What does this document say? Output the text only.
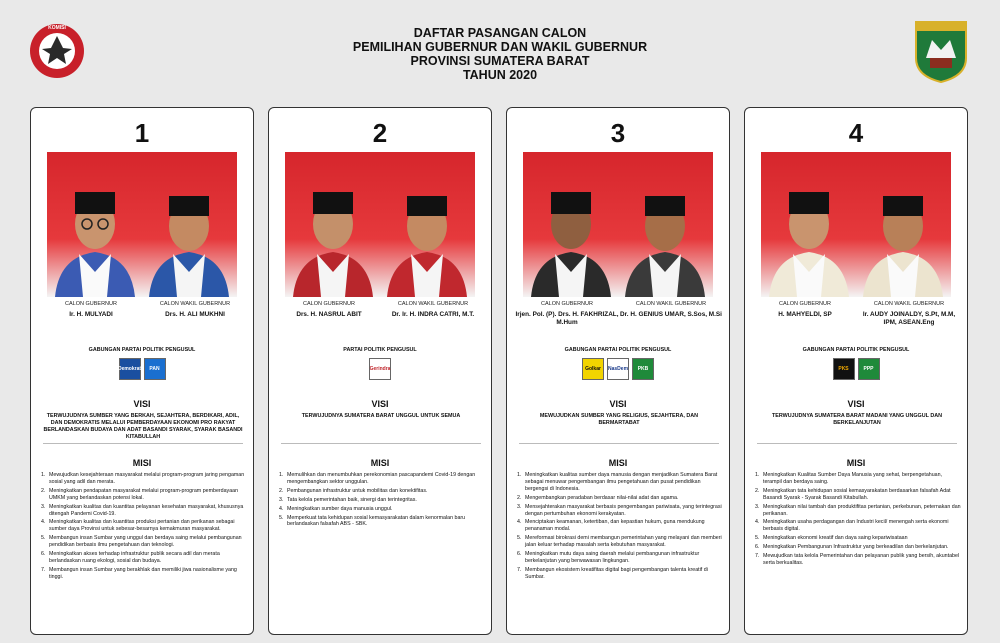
KOMISI	DAFTAR PASANGAN CALON
PEMILIHAN GUBERNUR DAN WAKIL GUBERNUR
PROVINSI SUMATERA BARAT
TAHUN 2020
1
CALON GUBERNUR
Ir. H. MULYADI
CALON WAKIL GUBERNUR
Drs. H. ALI MUKHNI
GABUNGAN PARTAI POLITIK PENGUSUL
Demokrat	PAN
VISI
TERWUJUDNYA SUMBER YANG BERKAH, SEJAHTERA, BERDIKARI, ADIL, DAN DEMOKRATIS MELALUI PEMBERDAYAAN EKONOMI PRO RAKYAT BERLANDASKAN BUDAYA DAN ADAT BASANDI SYARAK, SYARAK BASANDI KITABULLAH
MISI
1. Mewujudkan kesejahteraan masyarakat melalui program-program jaring pengaman sosial yang adil dan merata.
2. Meningkatkan pendapatan masyarakat melalui program-program pemberdayaan UMKM yang berlandaskan potensi lokal.
3. Meningkatkan kualitas dan kuantitas pelayanan kesehatan masyarakat, khususnya ditengah Pandemi Covid-19.
4. Meningkatkan kualitas dan kuantitas produksi pertanian dan perikanan sebagai sumber daya Provinsi untuk sebesar-besarnya kemakmuran masyarakat.
5. Membangun insan Sumbar yang unggul dan berdaya saing melalui pembangunan pendidikan berbasis ilmu pengetahuan dan teknologi.
6. Meningkatkan akses terhadap infrastruktur publik secara adil dan merata berlandaskan ruang ekologi, sosial dan budaya.
7. Membangun insan Sumbar yang berakhlak dan memiliki jiwa nasionalisme yang tinggi.
2
CALON GUBERNUR
Drs. H. NASRUL ABIT
CALON WAKIL GUBERNUR
Dr. Ir. H. INDRA CATRI, M.T.
PARTAI POLITIK PENGUSUL
Gerindra
VISI
TERWUJUDNYA SUMATERA BARAT UNGGUL UNTUK SEMUA
MISI
1. Memulihkan dan menumbuhkan perekonomian pascapandemi Covid-19 dengan mengembangkan sektor unggulan.
2. Pembangunan infrastruktur untuk mobilitas dan konektifitas.
3. Tata kelola pemerintahan baik, sinergi dan terintegritas.
4. Meningkatkan sumber daya manusia unggul.
5. Memperkuat tata kehidupan sosial kemasyarakatan dalam kenormalan baru berlandaskan falsafah ABS - SBK.
3
CALON GUBERNUR
Irjen. Pol. (P). Drs. H. FAKHRIZAL, M.Hum
CALON WAKIL GUBERNUR
Dr. H. GENIUS UMAR, S.Sos, M.Si
GABUNGAN PARTAI POLITIK PENGUSUL
Golkar	NasDem	PKB
VISI
MEWUJUDKAN SUMBER YANG RELIGIUS, SEJAHTERA, DAN BERMARTABAT
MISI
1. Meningkatkan kualitas sumber daya manusia dengan menjadikan Sumatera Barat sebagai menuwar pengembangan ilmu pengetahuan dan pusat pendidikan bergengsi di Indonesia.
2. Mengembangkan peradaban berdasar nilai-nilai adat dan agama.
3. Mensejahterakan masyarakat berbasis pengembangan pariwisata, yang terintegrasi dengan pertumbuhan ekonomi kerakyatan.
4. Menciptakan keamanan, ketertiban, dan kepastian hukum, guna mendukung penanaman modal.
5. Mereformasi birokrasi demi membangun pemerintahan yang melayani dan memberi jalan keluar terhadap masalah serta kebutuhan masyarakat.
6. Meningkatkan mutu daya saing daerah melalui pembangunan infrastruktur berkelanjutan yang berwawasan lingkungan.
7. Membangun ekosistem kreatifitas digital bagi pengembangan talenta kreatif di Sumbar.
4
CALON GUBERNUR
H. MAHYELDI, SP
CALON WAKIL GUBERNUR
Ir. AUDY JOINALDY, S.Pt, M.M, IPM, ASEAN.Eng
GABUNGAN PARTAI POLITIK PENGUSUL
PKS	PPP
VISI
TERWUJUDNYA SUMATERA BARAT MADANI YANG UNGGUL DAN BERKELANJUTAN
MISI
1. Meningkatkan Kualitas Sumber Daya Manusia yang sehat, berpengetahuan, terampil dan berdaya saing.
2. Meningkatkan tata kehidupan sosial kemasyarakatan berdasarkan falsafah Adat Basandi Syarak - Syarak Basandi Kitabullah.
3. Meningkatkan nilai tambah dan produktifitas pertanian, perkebunan, peternakan dan perikanan.
4. Meningkatkan usaha perdagangan dan Industri kecil/ menengah serta ekonomi berbasis digital.
5. Meningkatkan ekonomi kreatif dan daya saing kepariwisataan
6. Meningkatkan Pembangunan Infrastruktur yang berkeadilan dan berkelanjutan.
7. Mewujudkan tata kelola Pemerintahan dan pelayanan publik yang bersih, akuntabel serta berkualitas.
